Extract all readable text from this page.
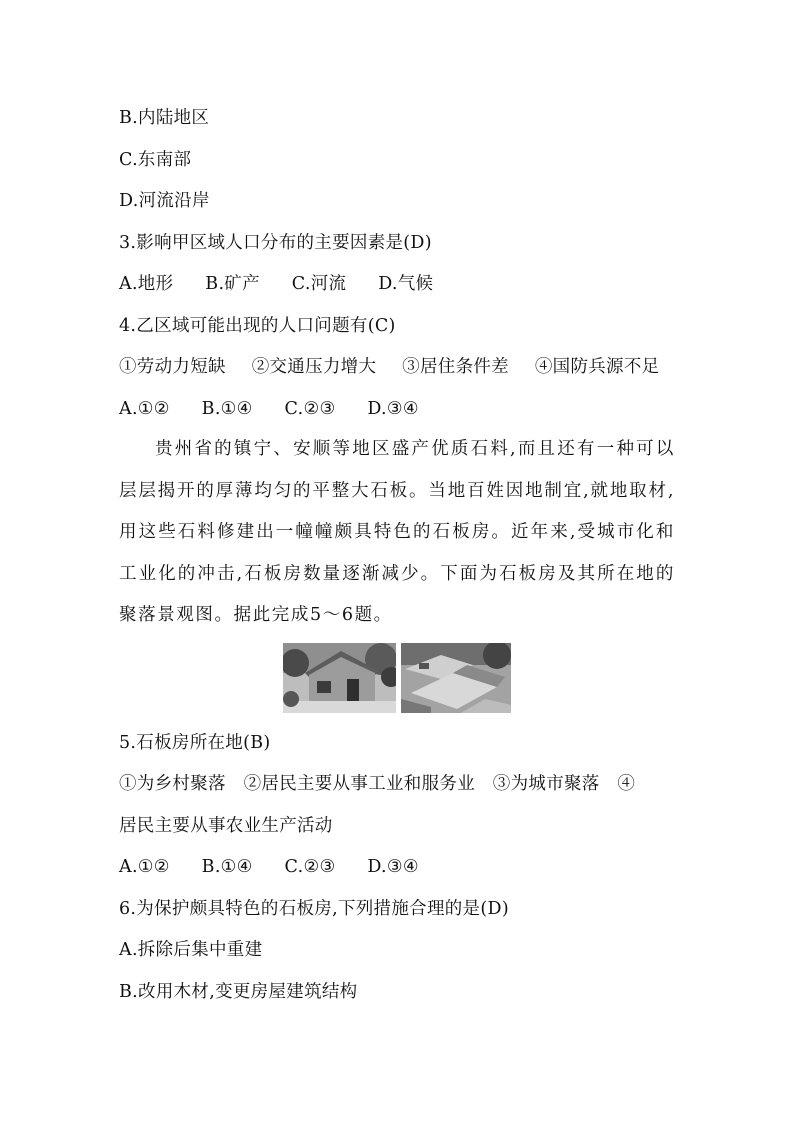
B.内陆地区
C.东南部
D.河流沿岸
3.影响甲区域人口分布的主要因素是(D)
A.地形 B.矿产 C.河流 D.气候
4.乙区域可能出现的人口问题有(C)
①劳动力短缺 ②交通压力增大 ③居住条件差 ④国防兵源不足
A.①② B.①④ C.②③ D.③④
贵州省的镇宁、安顺等地区盛产优质石料,而且还有一种可以层层揭开的厚薄均匀的平整大石板。当地百姓因地制宜,就地取材,用这些石料修建出一幢幢颇具特色的石板房。近年来,受城市化和工业化的冲击,石板房数量逐渐减少。下面为石板房及其所在地的聚落景观图。据此完成5～6题。
5.石板房所在地(B)
①为乡村聚落　②居民主要从事工业和服务业　③为城市聚落　④
居民主要从事农业生产活动
A.①② B.①④ C.②③ D.③④
6.为保护颇具特色的石板房,下列措施合理的是(D)
A.拆除后集中重建
B.改用木材,变更房屋建筑结构
